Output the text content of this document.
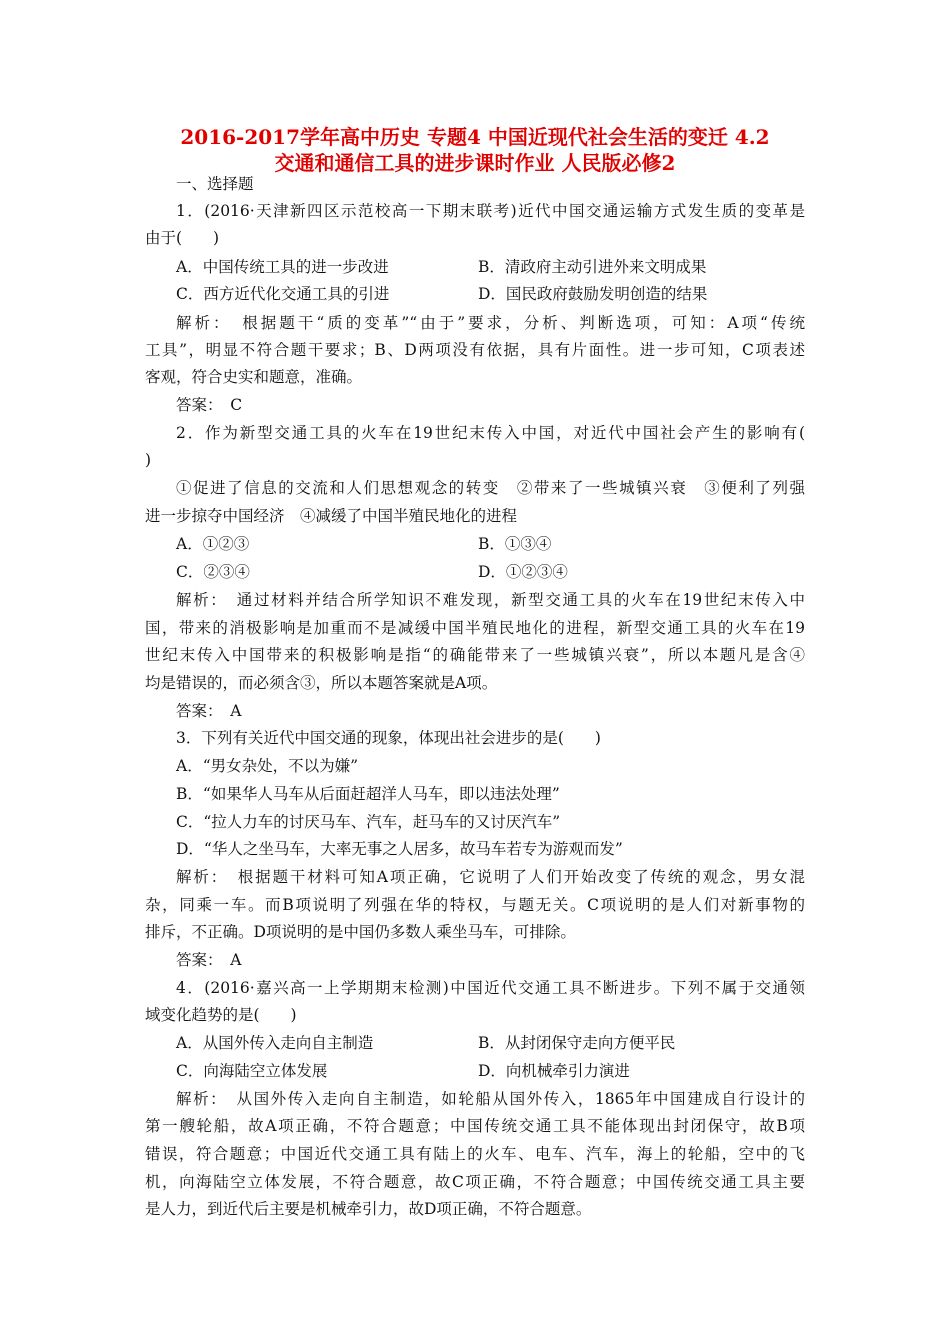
2016-2017学年高中历史 专题4 中国近现代社会生活的变迁 4.2
交通和通信工具的进步课时作业 人民版必修2
一、选择题
1．(2016·天津新四区示范校高一下期末联考)近代中国交通运输方式发生质的变革是
由于(　　)
A．中国传统工具的进一步改进	B．清政府主动引进外来文明成果
C．西方近代化交通工具的引进	D．国民政府鼓励发明创造的结果
解析：　根据题干“质的变革”“由于”要求，分析、判断选项，可知：A项“传统
工具”，明显不符合题干要求；B、D两项没有依据，具有片面性。进一步可知，C项表述
客观，符合史实和题意，准确。
答案：　C
2．作为新型交通工具的火车在19世纪末传入中国，对近代中国社会产生的影响有(
)
①促进了信息的交流和人们思想观念的转变　②带来了一些城镇兴衰　③便利了列强
进一步掠夺中国经济　④减缓了中国半殖民地化的进程
A．①②③	B．①③④
C．②③④	D．①②③④
解析：　通过材料并结合所学知识不难发现，新型交通工具的火车在19世纪末传入中
国，带来的消极影响是加重而不是减缓中国半殖民地化的进程，新型交通工具的火车在19
世纪末传入中国带来的积极影响是指“的确能带来了一些城镇兴衰”，所以本题凡是含④
均是错误的，而必须含③，所以本题答案就是A项。
答案：　A
3．下列有关近代中国交通的现象，体现出社会进步的是(　　)
A．“男女杂处，不以为嫌”
B．“如果华人马车从后面赶超洋人马车，即以违法处理”
C．“拉人力车的讨厌马车、汽车，赶马车的又讨厌汽车”
D．“华人之坐马车，大率无事之人居多，故马车若专为游观而发”
解析：　根据题干材料可知A项正确，它说明了人们开始改变了传统的观念，男女混
杂，同乘一车。而B项说明了列强在华的特权，与题无关。C项说明的是人们对新事物的
排斥，不正确。D项说明的是中国仍多数人乘坐马车，可排除。
答案：　A
4．(2016·嘉兴高一上学期期末检测)中国近代交通工具不断进步。下列不属于交通领
域变化趋势的是(　　)
A．从国外传入走向自主制造	B．从封闭保守走向方便平民
C．向海陆空立体发展	D．向机械牵引力演进
解析：　从国外传入走向自主制造，如轮船从国外传入，1865年中国建成自行设计的
第一艘轮船，故A项正确，不符合题意；中国传统交通工具不能体现出封闭保守，故B项
错误，符合题意；中国近代交通工具有陆上的火车、电车、汽车，海上的轮船，空中的飞
机，向海陆空立体发展，不符合题意，故C项正确，不符合题意；中国传统交通工具主要
是人力，到近代后主要是机械牵引力，故D项正确，不符合题意。
